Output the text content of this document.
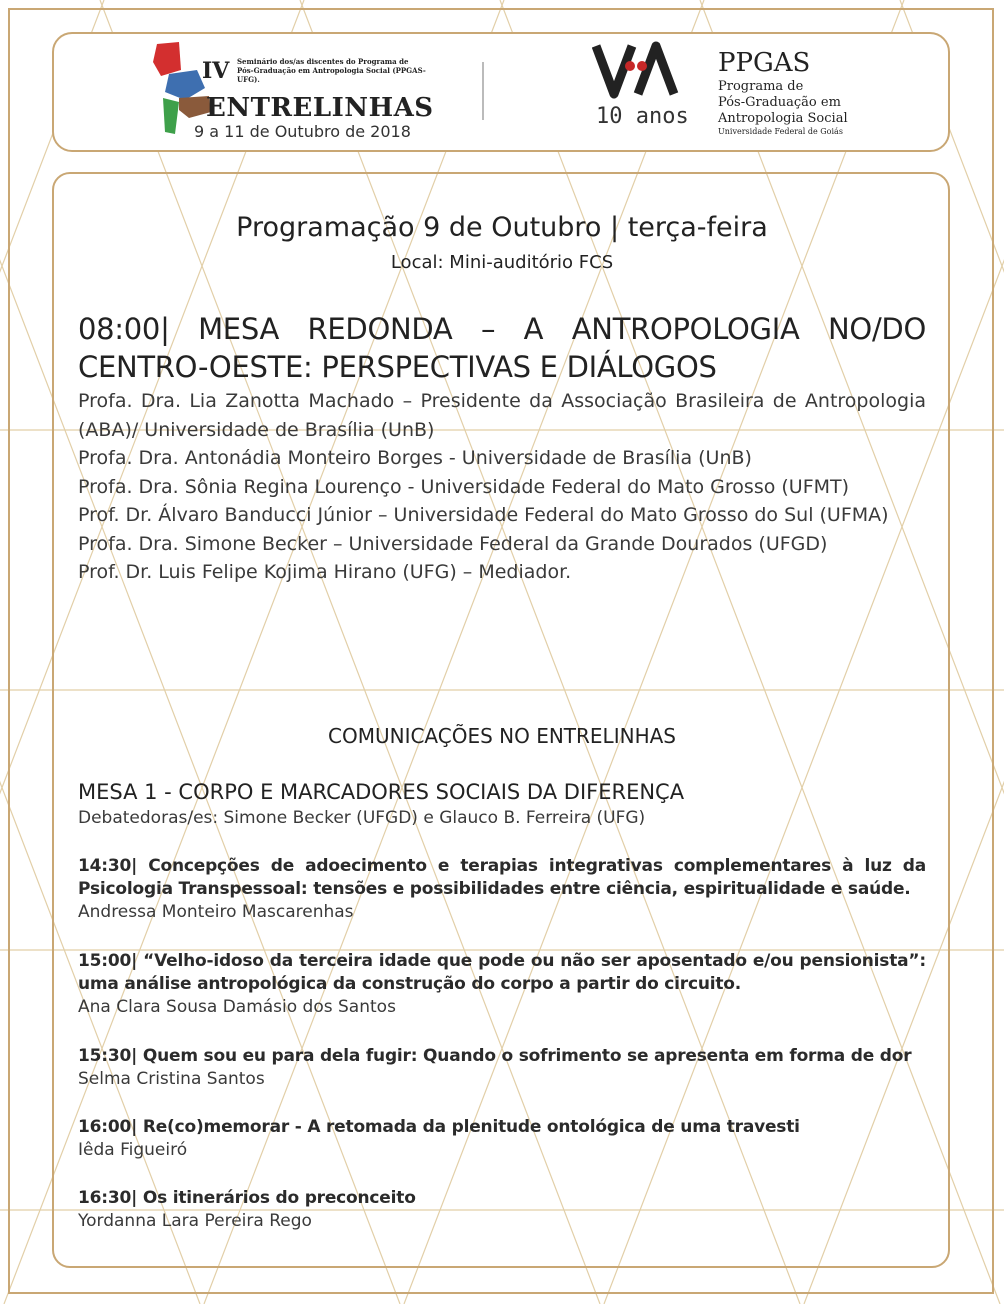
IV Seminário dos/as discentes do Programa de Pós-Graduação em Antropologia Social (PPGAS-UFG).
ENTRELINHAS
9 a 11 de Outubro de 2018
10 anos
PPGAS
Programa de
Pós-Graduação em
Antropologia Social
Universidade Federal de Goiás
Programação 9 de Outubro | terça-feira
Local: Mini-auditório FCS
08:00| MESA REDONDA – A ANTROPOLOGIA NO/DO CENTRO-OESTE: PERSPECTIVAS E DIÁLOGOS
Profa. Dra. Lia Zanotta Machado – Presidente da Associação Brasileira de Antropologia (ABA)/ Universidade de Brasília (UnB)
Profa. Dra. Antonádia Monteiro Borges - Universidade de Brasília (UnB)
Profa. Dra. Sônia Regina Lourenço - Universidade Federal do Mato Grosso (UFMT)
Prof. Dr. Álvaro Banducci Júnior – Universidade Federal do Mato Grosso do Sul (UFMA)
Profa. Dra. Simone Becker – Universidade Federal da Grande Dourados (UFGD)
Prof. Dr. Luis Felipe Kojima Hirano (UFG) – Mediador.
COMUNICAÇÕES NO ENTRELINHAS
MESA 1 - CORPO E MARCADORES SOCIAIS DA DIFERENÇA
Debatedoras/es: Simone Becker (UFGD) e Glauco B. Ferreira (UFG)
14:30| Concepções de adoecimento e terapias integrativas complementares à luz da Psicologia Transpessoal: tensões e possibilidades entre ciência, espiritualidade e saúde.
Andressa Monteiro Mascarenhas
15:00| “Velho-idoso da terceira idade que pode ou não ser aposentado e/ou pensionista”: uma análise antropológica da construção do corpo a partir do circuito.
Ana Clara Sousa Damásio dos Santos
15:30| Quem sou eu para dela fugir: Quando o sofrimento se apresenta em forma de dor
Selma Cristina Santos
16:00| Re(co)memorar - A retomada da plenitude ontológica de uma travesti
Iêda Figueiró
16:30| Os itinerários do preconceito
Yordanna Lara Pereira Rego
